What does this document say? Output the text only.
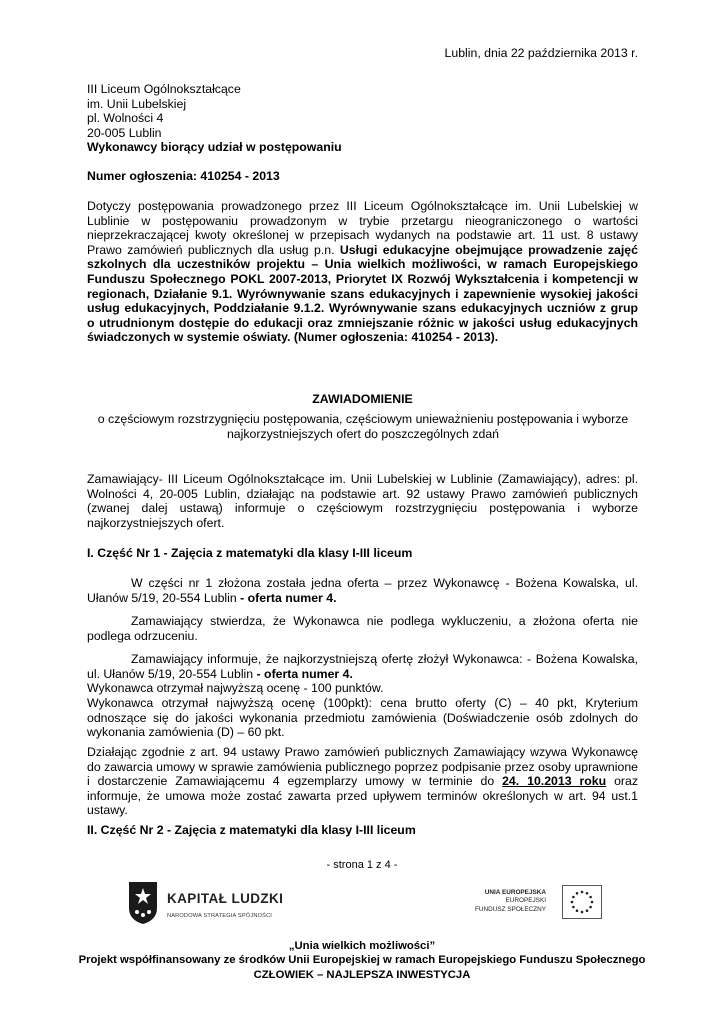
Lublin, dnia 22 października 2013 r.
III Liceum Ogólnokształcące
im. Unii Lubelskiej
pl. Wolności 4
20-005 Lublin
Wykonawcy biorący udział w postępowaniu
Numer ogłoszenia: 410254 - 2013
Dotyczy postępowania prowadzonego przez III Liceum Ogólnokształcące im. Unii Lubelskiej w Lublinie w postępowaniu prowadzonym w trybie przetargu nieograniczonego o wartości nieprzekraczającej kwoty określonej w przepisach wydanych na podstawie art. 11 ust. 8 ustawy Prawo zamówień publicznych dla usług p.n. Usługi edukacyjne obejmujące prowadzenie zajęć szkolnych dla uczestników projektu – Unia wielkich możliwości, w ramach Europejskiego Funduszu Społecznego POKL 2007-2013, Priorytet IX Rozwój Wykształcenia i kompetencji w regionach, Działanie 9.1. Wyrównywanie szans edukacyjnych i zapewnienie wysokiej jakości usług edukacyjnych, Poddziałanie 9.1.2. Wyrównywanie szans edukacyjnych uczniów z grup o utrudnionym dostępie do edukacji oraz zmniejszanie różnic w jakości usług edukacyjnych świadczonych w systemie oświaty. (Numer ogłoszenia: 410254 - 2013).
ZAWIADOMIENIE
o częściowym rozstrzygnięciu postępowania, częściowym unieważnieniu postępowania i wyborze najkorzystniejszych ofert do poszczególnych zdań
Zamawiający- III Liceum Ogólnokształcące im. Unii Lubelskiej w Lublinie (Zamawiający), adres: pl. Wolności 4, 20-005 Lublin, działając na podstawie art. 92 ustawy Prawo zamówień publicznych (zwanej dalej ustawą) informuje o częściowym rozstrzygnięciu postępowania i wyborze najkorzystniejszych ofert.
I. Część Nr 1 - Zajęcia z matematyki dla klasy I-III liceum
W części nr 1 złożona została jedna oferta – przez Wykonawcę - Bożena Kowalska, ul. Ułanów 5/19, 20-554 Lublin - oferta numer 4.
Zamawiający stwierdza, że Wykonawca nie podlega wykluczeniu, a złożona oferta nie podlega odrzuceniu.
Zamawiający informuje, że najkorzystniejszą ofertę złożył Wykonawca: - Bożena Kowalska, ul. Ułanów 5/19, 20-554 Lublin - oferta numer 4.
Wykonawca otrzymał najwyższą ocenę - 100 punktów.
Wykonawca otrzymał najwyższą ocenę (100pkt): cena brutto oferty (C) – 40 pkt, Kryterium odnoszące się do jakości wykonania przedmiotu zamówienia (Doświadczenie osób zdolnych do wykonania zamówienia (D) – 60 pkt.
Działając zgodnie z art. 94 ustawy Prawo zamówień publicznych Zamawiający wzywa Wykonawcę do zawarcia umowy w sprawie zamówienia publicznego poprzez podpisanie przez osoby uprawnione i dostarczenie Zamawiającemu 4 egzemplarzy umowy w terminie do 24. 10.2013 roku oraz informuje, że umowa może zostać zawarta przed upływem terminów określonych w art. 94 ust.1 ustawy.
II. Część Nr 2 - Zajęcia z matematyki dla klasy I-III liceum
- strona 1 z 4 -
KAPITAŁ LUDZKI
NARODOWA STRATEGIA SPÓJNOŚCI
UNIA EUROPEJSKA
EUROPEJSKI
FUNDUSZ SPOŁECZNY
„Unia wielkich możliwości”
Projekt współfinansowany ze środków Unii Europejskiej w ramach Europejskiego Funduszu Społecznego
CZŁOWIEK – NAJLEPSZA INWESTYCJA
